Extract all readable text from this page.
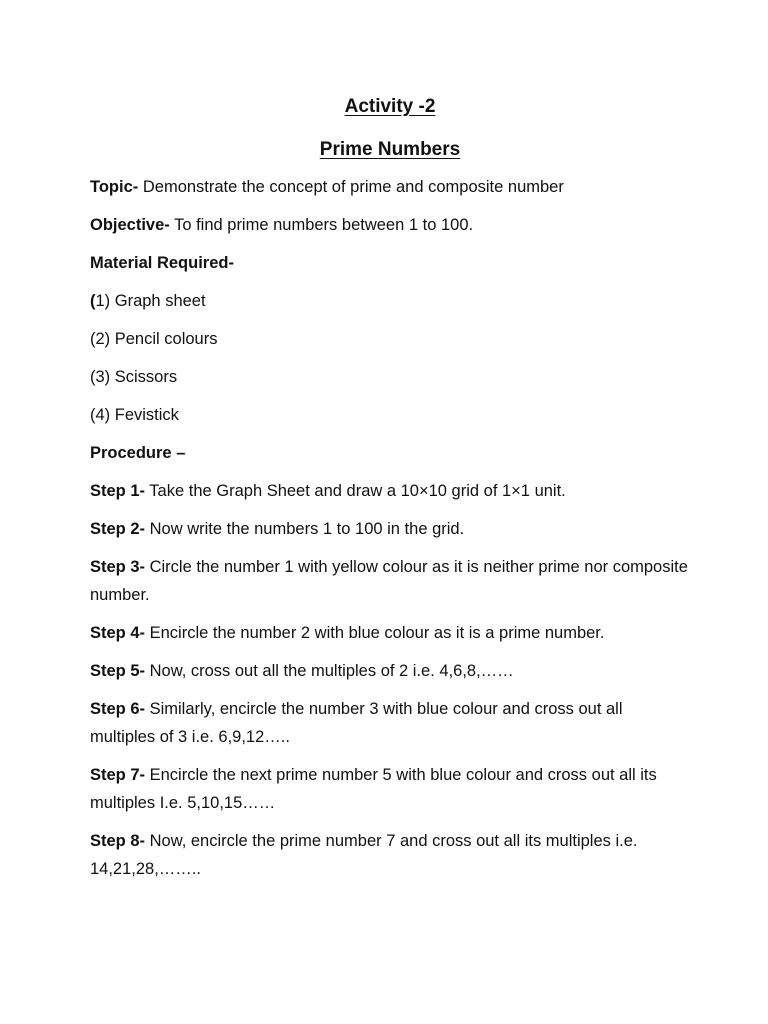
Activity -2
Prime Numbers

Topic- Demonstrate the concept of prime and composite number

Objective- To find prime numbers between 1 to 100.

Material Required-

(1) Graph sheet

(2) Pencil colours

(3) Scissors

(4) Fevistick

Procedure –

Step 1- Take the Graph Sheet and draw a 10×10 grid of 1×1 unit.

Step 2- Now write the numbers 1 to 100 in the grid.

Step 3- Circle the number 1 with yellow colour as it is neither prime nor composite number.

Step 4- Encircle the number 2 with blue colour as it is a prime number.

Step 5- Now, cross out all the multiples of 2 i.e. 4,6,8,……

Step 6- Similarly, encircle the number 3 with blue colour and cross out all multiples of 3 i.e. 6,9,12…..

Step 7- Encircle the next prime number 5 with blue colour and cross out all its multiples I.e. 5,10,15……

Step 8- Now, encircle the prime number 7 and cross out all its multiples i.e. 14,21,28,……..
